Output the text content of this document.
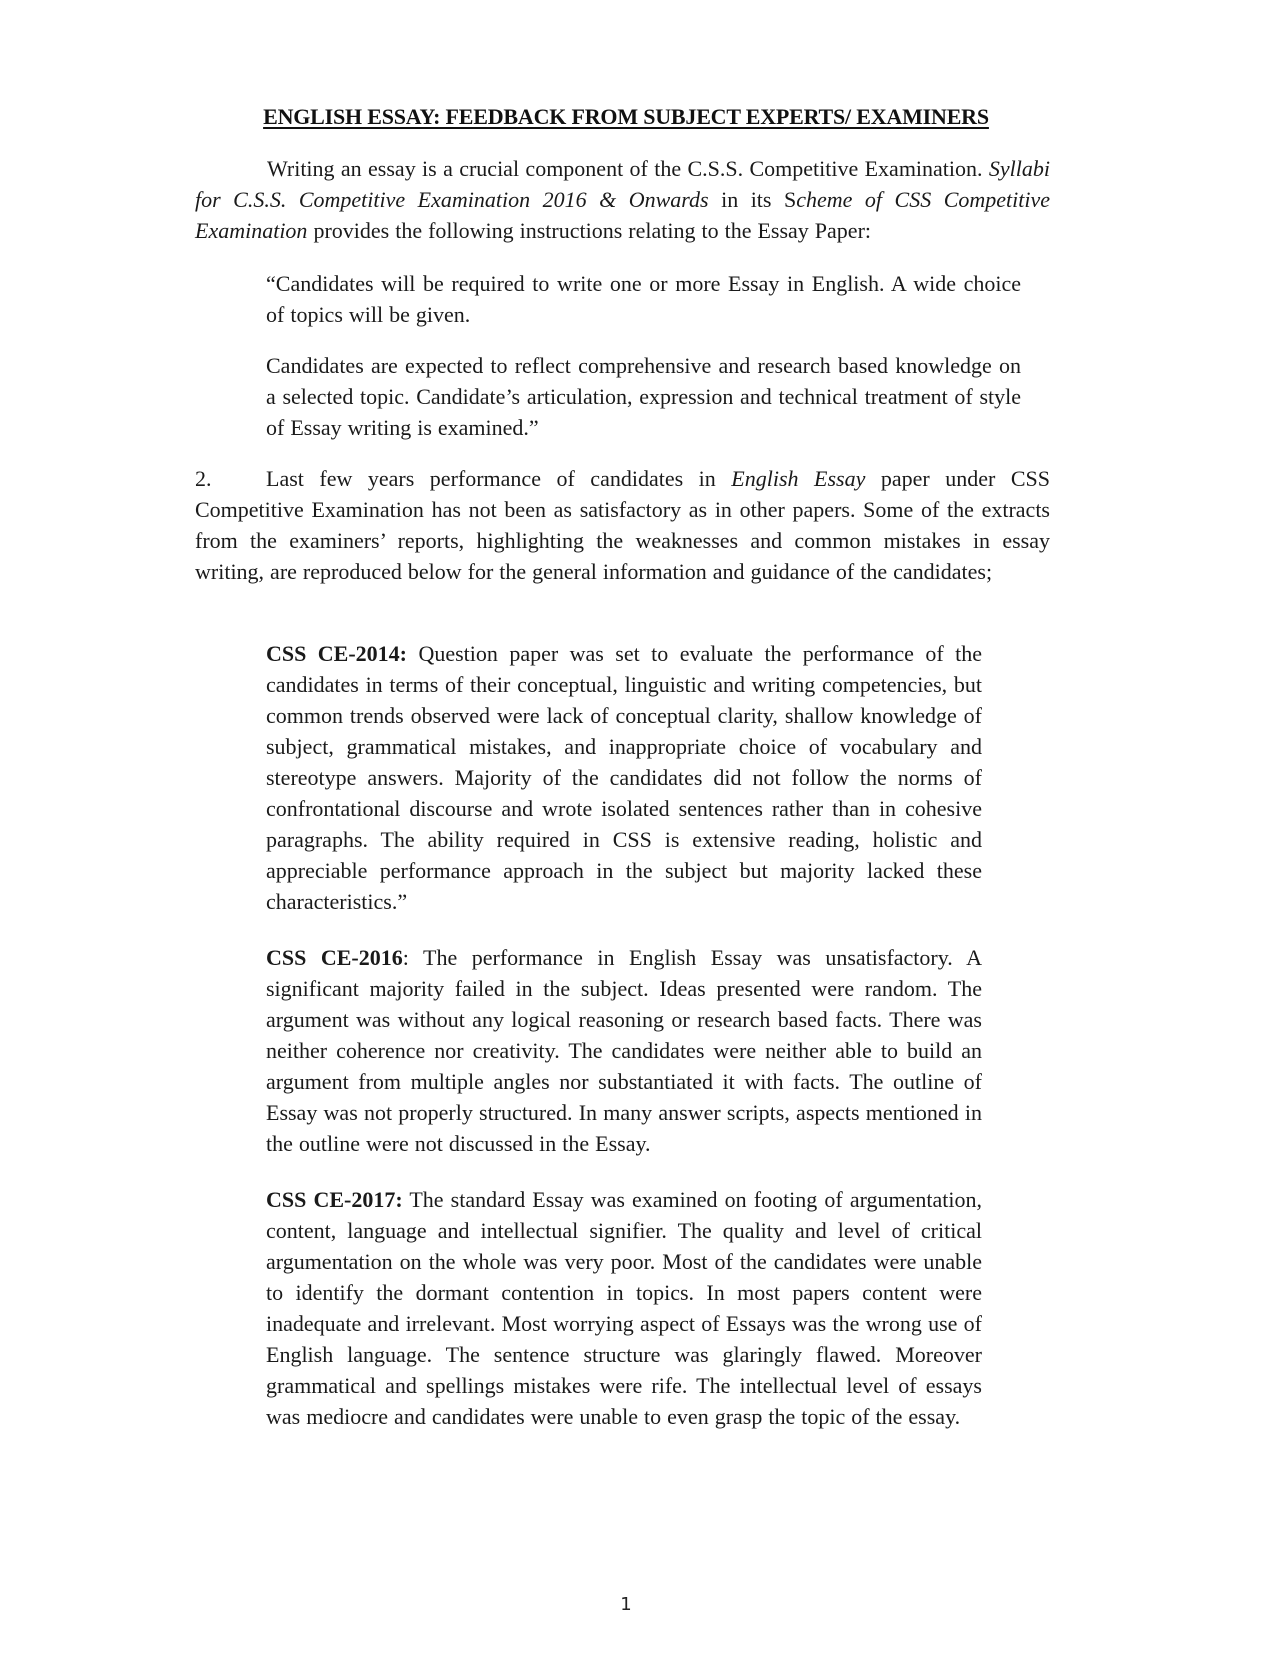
ENGLISH ESSAY: FEEDBACK FROM SUBJECT EXPERTS/ EXAMINERS

Writing an essay is a crucial component of the C.S.S. Competitive Examination. Syllabi for C.S.S. Competitive Examination 2016 & Onwards in its Scheme of CSS Competitive Examination provides the following instructions relating to the Essay Paper:

“Candidates will be required to write one or more Essay in English. A wide choice of topics will be given.

Candidates are expected to reflect comprehensive and research based knowledge on a selected topic. Candidate’s articulation, expression and technical treatment of style of Essay writing is examined.”

2. Last few years performance of candidates in English Essay paper under CSS Competitive Examination has not been as satisfactory as in other papers. Some of the extracts from the examiners’ reports, highlighting the weaknesses and common mistakes in essay writing, are reproduced below for the general information and guidance of the candidates;

CSS CE-2014: Question paper was set to evaluate the performance of the candidates in terms of their conceptual, linguistic and writing competencies, but common trends observed were lack of conceptual clarity, shallow knowledge of subject, grammatical mistakes, and inappropriate choice of vocabulary and stereotype answers. Majority of the candidates did not follow the norms of confrontational discourse and wrote isolated sentences rather than in cohesive paragraphs. The ability required in CSS is extensive reading, holistic and appreciable performance approach in the subject but majority lacked these characteristics.”

CSS CE-2016: The performance in English Essay was unsatisfactory. A significant majority failed in the subject. Ideas presented were random. The argument was without any logical reasoning or research based facts. There was neither coherence nor creativity. The candidates were neither able to build an argument from multiple angles nor substantiated it with facts. The outline of Essay was not properly structured. In many answer scripts, aspects mentioned in the outline were not discussed in the Essay.

CSS CE-2017: The standard Essay was examined on footing of argumentation, content, language and intellectual signifier. The quality and level of critical argumentation on the whole was very poor. Most of the candidates were unable to identify the dormant contention in topics. In most papers content were inadequate and irrelevant. Most worrying aspect of Essays was the wrong use of English language. The sentence structure was glaringly flawed. Moreover grammatical and spellings mistakes were rife. The intellectual level of essays was mediocre and candidates were unable to even grasp the topic of the essay.

1
